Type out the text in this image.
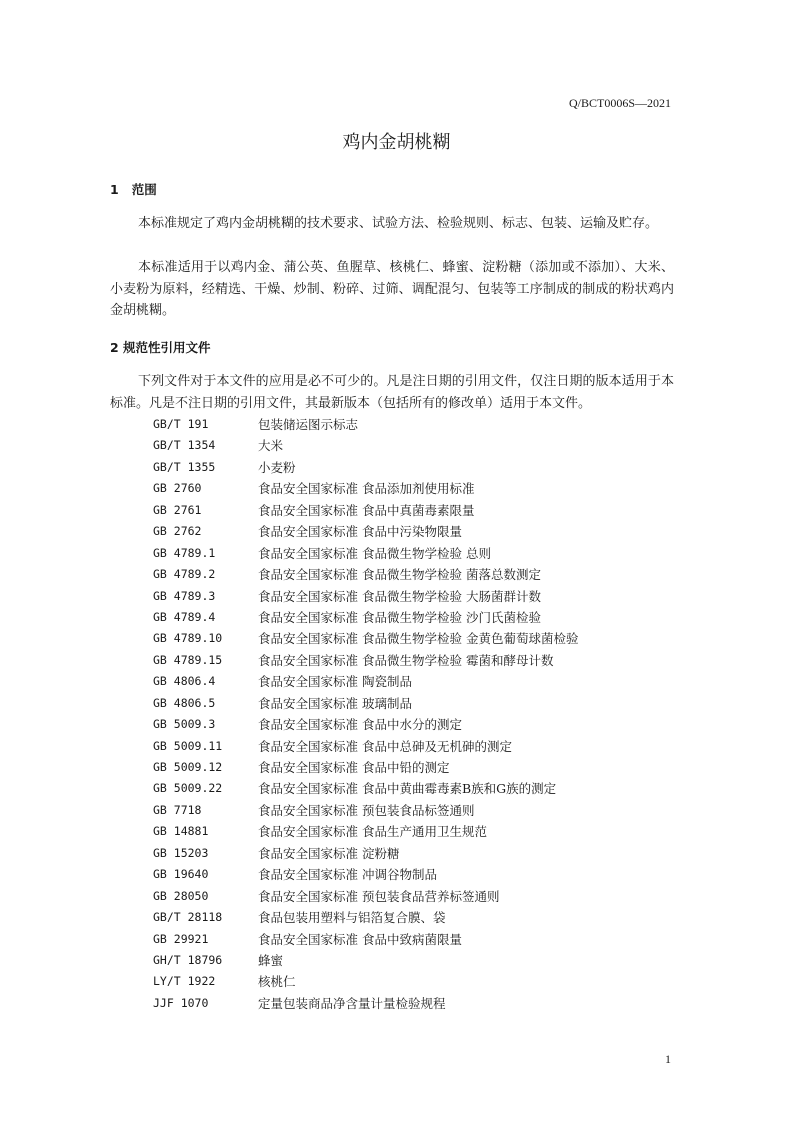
Q/BCT0006S—2021
鸡内金胡桃糊
1   范围

本标准规定了鸡内金胡桃糊的技术要求、试验方法、检验规则、标志、包装、运输及贮存。

本标准适用于以鸡内金、蒲公英、鱼腥草、核桃仁、蜂蜜、淀粉糖（添加或不添加）、大米、小麦粉为原料，经精选、干燥、炒制、粉碎、过筛、调配混匀、包装等工序制成的制成的粉状鸡内金胡桃糊。

2 规范性引用文件

下列文件对于本文件的应用是必不可少的。凡是注日期的引用文件，仅注日期的版本适用于本标准。凡是不注日期的引用文件，其最新版本（包括所有的修改单）适用于本文件。

GB/T 191	包装储运图示标志
GB/T 1354	大米
GB/T 1355	小麦粉
GB 2760	食品安全国家标准 食品添加剂使用标准
GB 2761	食品安全国家标准 食品中真菌毒素限量
GB 2762	食品安全国家标准 食品中污染物限量
GB 4789.1	食品安全国家标准 食品微生物学检验 总则
GB 4789.2	食品安全国家标准 食品微生物学检验 菌落总数测定
GB 4789.3	食品安全国家标准 食品微生物学检验 大肠菌群计数
GB 4789.4	食品安全国家标准 食品微生物学检验 沙门氏菌检验
GB 4789.10	食品安全国家标准 食品微生物学检验 金黄色葡萄球菌检验
GB 4789.15	食品安全国家标准 食品微生物学检验 霉菌和酵母计数
GB 4806.4	食品安全国家标准 陶瓷制品
GB 4806.5	食品安全国家标准 玻璃制品
GB 5009.3	食品安全国家标准 食品中水分的测定
GB 5009.11	食品安全国家标准 食品中总砷及无机砷的测定
GB 5009.12	食品安全国家标准 食品中铅的测定
GB 5009.22	食品安全国家标准 食品中黄曲霉毒素B族和G族的测定
GB 7718	食品安全国家标准 预包装食品标签通则
GB 14881	食品安全国家标准 食品生产通用卫生规范
GB 15203	食品安全国家标准 淀粉糖
GB 19640	食品安全国家标准 冲调谷物制品
GB 28050	食品安全国家标准 预包装食品营养标签通则
GB/T 28118	食品包装用塑料与铝箔复合膜、袋
GB 29921	食品安全国家标准 食品中致病菌限量
GH/T 18796	蜂蜜
LY/T 1922	核桃仁
JJF 1070	定量包装商品净含量计量检验规程
1
